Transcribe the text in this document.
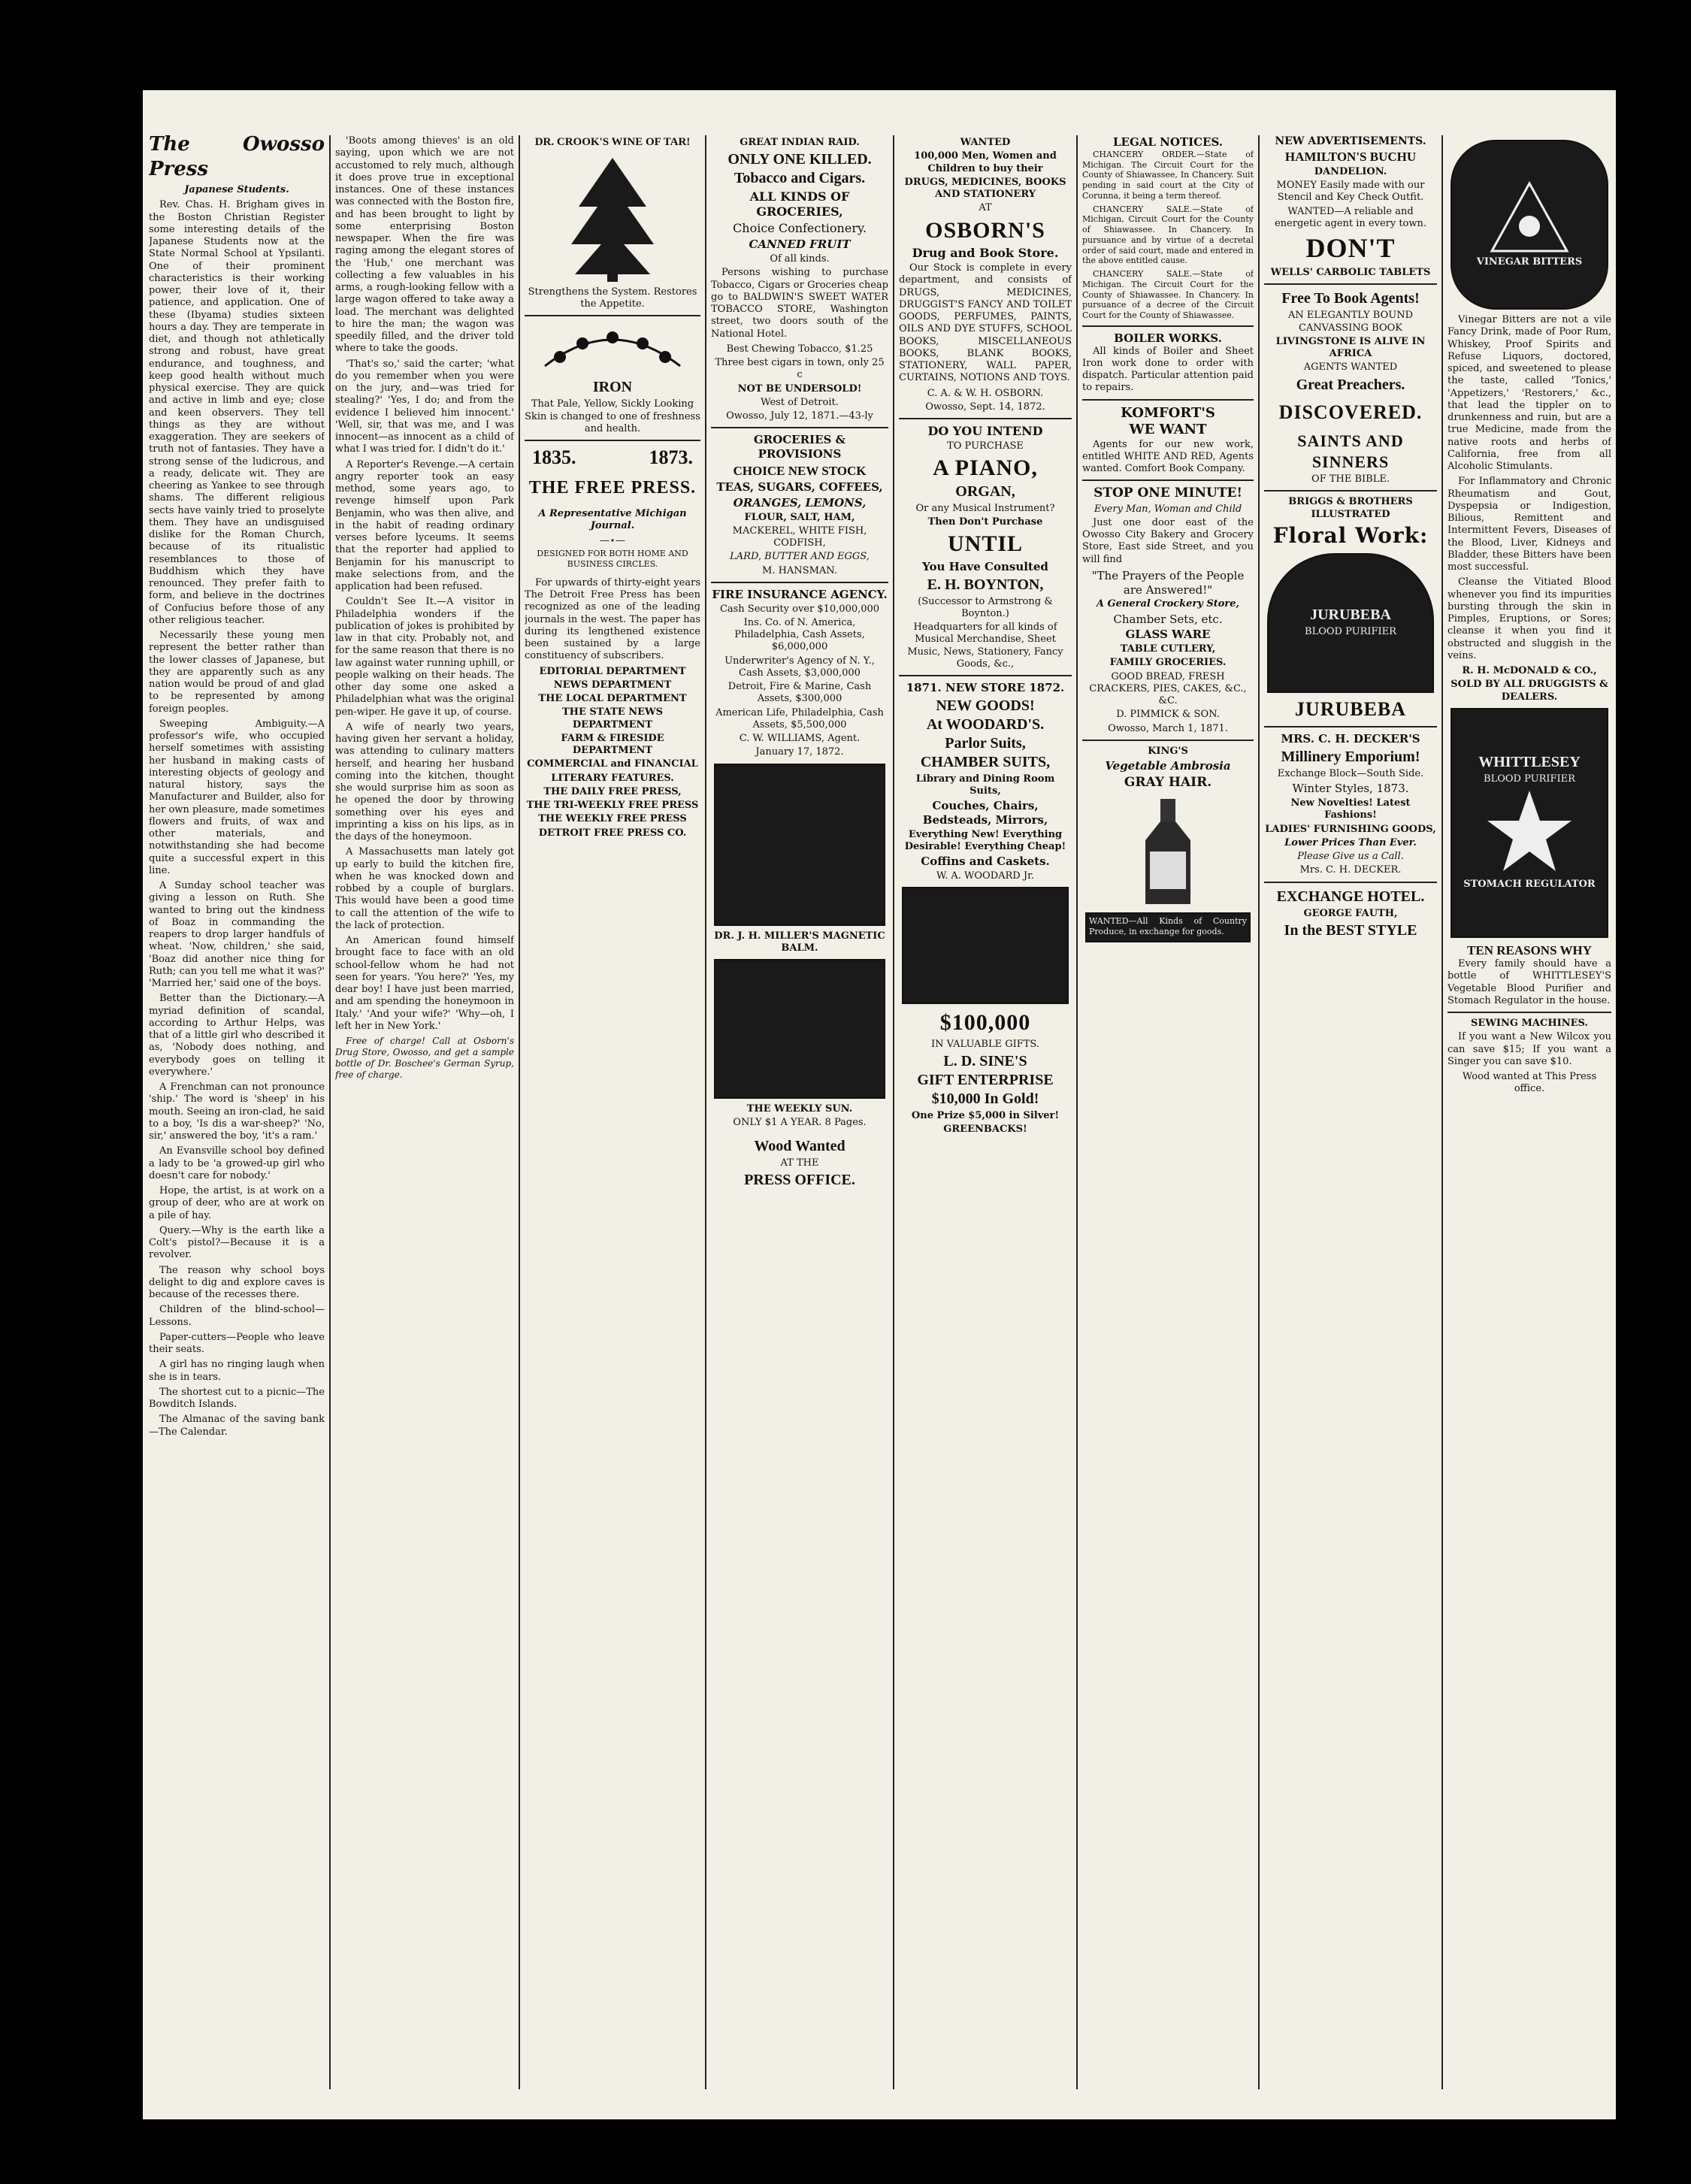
The Owosso Press
Japanese Students.

Rev. Chas. H. Brigham gives in the Boston Christian Register some interesting details of the Japanese Students now at the State Normal School at Ypsilanti. One of their prominent characteristics is their working power, their love of it, their patience, and application. One of these (Ibyama) studies sixteen hours a day. They are temperate in diet, and though not athletically strong and robust, have great endurance, and toughness, and keep good health without much physical exercise. They are quick and active in limb and eye; close and keen observers. They tell things as they are without exaggeration. They are seekers of truth not of fantasies. They have a strong sense of the ludicrous, and a ready, delicate wit. They are cheering as Yankee to see through shams. The different religious sects have vainly tried to proselyte them. They have an undisguised dislike for the Roman Church, because of its ritualistic resemblances to those of Buddhism which they have renounced. They prefer faith to form, and believe in the doctrines of Confucius before those of any other religious teacher.

Necessarily these young men represent the better rather than the lower classes of Japanese, but they are apparently such as any nation would be proud of and glad to be represented by among foreign peoples.

Sweeping Ambiguity.—A professor's wife, who occupied herself sometimes with assisting her husband in making casts of interesting objects of geology and natural history, says the Manufacturer and Builder, also for her own pleasure, made sometimes flowers and fruits, of wax and other materials, and notwithstanding she had become quite a successful expert in this line.

A Sunday school teacher was giving a lesson on Ruth. She wanted to bring out the kindness of Boaz in commanding the reapers to drop larger handfuls of wheat. 'Now, children,' she said, 'Boaz did another nice thing for Ruth; can you tell me what it was?' 'Married her,' said one of the boys.

Better than the Dictionary.—A myriad definition of scandal, according to Arthur Helps, was that of a little girl who described it as, 'Nobody does nothing, and everybody goes on telling it everywhere.'

A Frenchman can not pronounce 'ship.' The word is 'sheep' in his mouth. Seeing an iron-clad, he said to a boy, 'Is dis a war-sheep?' 'No, sir,' answered the boy, 'it's a ram.'

An Evansville school boy defined a lady to be 'a growed-up girl who doesn't care for nobody.'

Hope, the artist, is at work on a group of deer, who are at work on a pile of hay.

Query.—Why is the earth like a Colt's pistol?—Because it is a revolver.

The reason why school boys delight to dig and explore caves is because of the recesses there.

Children of the blind-school—Lessons.

Paper-cutters—People who leave their seats.

A girl has no ringing laugh when she is in tears.

The shortest cut to a picnic—The Bowditch Islands.

The Almanac of the saving bank—The Calendar.

'Boots among thieves' is an old saying, upon which we are not accustomed to rely much, although it does prove true in exceptional instances. One of these instances was connected with the Boston fire, and has been brought to light by some enterprising Boston newspaper. When the fire was raging among the elegant stores of the 'Hub,' one merchant was collecting a few valuables in his arms, a rough-looking fellow with a large wagon offered to take away a load. The merchant was delighted to hire the man; the wagon was speedily filled, and the driver told where to take the goods.

'That's so,' said the carter; 'what do you remember when you were on the jury, and—was tried for stealing?' 'Yes, I do; and from the evidence I believed him innocent.' 'Well, sir, that was me, and I was innocent—as innocent as a child of what I was tried for. I didn't do it.'

A Reporter's Revenge.—A certain angry reporter took an easy method, some years ago, to revenge himself upon Park Benjamin, who was then alive, and in the habit of reading ordinary verses before lyceums. It seems that the reporter had applied to Benjamin for his manuscript to make selections from, and the application had been refused.

Couldn't See It.—A visitor in Philadelphia wonders if the publication of jokes is prohibited by law in that city. Probably not, and for the same reason that there is no law against water running uphill, or people walking on their heads. The other day some one asked a Philadelphian what was the original pen-wiper. He gave it up, of course.

A wife of nearly two years, having given her servant a holiday, was attending to culinary matters herself, and hearing her husband coming into the kitchen, thought she would surprise him as soon as he opened the door by throwing something over his eyes and imprinting a kiss on his lips, as in the days of the honeymoon.

A Massachusetts man lately got up early to build the kitchen fire, when he was knocked down and robbed by a couple of burglars. This would have been a good time to call the attention of the wife to the lack of protection.

An American found himself brought face to face with an old school-fellow whom he had not seen for years. 'You here?' 'Yes, my dear boy! I have just been married, and am spending the honeymoon in Italy.' 'And your wife?' 'Why—oh, I left her in New York.'

Free of charge! Call at Osborn's Drug Store, Owosso, and get a sample bottle of Dr. Boschee's German Syrup, free of charge.

DR. CROOK'S WINE OF TAR!
Strengthens the System. Restores the Appetite.
IRON
That Pale, Yellow, Sickly Looking Skin is changed to one of freshness and health.
1835.	1873.
THE FREE PRESS.
A Representative Michigan Journal.
—⋆—
DESIGNED FOR BOTH HOME AND BUSINESS CIRCLES.

For upwards of thirty-eight years The Detroit Free Press has been recognized as one of the leading journals in the west. The paper has during its lengthened existence been sustained by a large constituency of subscribers.

EDITORIAL DEPARTMENT
NEWS DEPARTMENT
THE LOCAL DEPARTMENT
THE STATE NEWS DEPARTMENT
FARM & FIRESIDE DEPARTMENT
COMMERCIAL and FINANCIAL
LITERARY FEATURES.
THE DAILY FREE PRESS,
THE TRI-WEEKLY FREE PRESS
THE WEEKLY FREE PRESS
DETROIT FREE PRESS CO.
GREAT INDIAN RAID.
ONLY ONE KILLED.
Tobacco and Cigars.
ALL KINDS OF GROCERIES,
Choice Confectionery.
CANNED FRUIT
Of all kinds.

Persons wishing to purchase Tobacco, Cigars or Groceries cheap go to BALDWIN'S SWEET WATER TOBACCO STORE, Washington street, two doors south of the National Hotel.

Best Chewing Tobacco, $1.25
Three best cigars in town, only 25 c
NOT BE UNDERSOLD!
West of Detroit.
Owosso, July 12, 1871.—43-ly
GROCERIES & PROVISIONS
CHOICE NEW STOCK
TEAS, SUGARS, COFFEES,
ORANGES, LEMONS,
FLOUR, SALT, HAM,
MACKEREL, WHITE FISH, CODFISH,
LARD, BUTTER AND EGGS,
M. HANSMAN.
FIRE INSURANCE AGENCY.
Cash Security over $10,000,000
Ins. Co. of N. America, Philadelphia, Cash Assets, $6,000,000
Underwriter's Agency of N. Y., Cash Assets, $3,000,000
Detroit, Fire & Marine, Cash Assets, $300,000
American Life, Philadelphia, Cash Assets, $5,500,000
C. W. WILLIAMS, Agent.
January 17, 1872.
DR. J. H. MILLER'S MAGNETIC BALM.
THE WEEKLY SUN.
ONLY $1 A YEAR. 8 Pages.
Wood Wanted
AT THE
PRESS OFFICE.
WANTED
100,000 Men, Women and Children to buy their
DRUGS, MEDICINES, BOOKS AND STATIONERY
AT
OSBORN'S
Drug and Book Store.

Our Stock is complete in every department, and consists of DRUGS, MEDICINES, DRUGGIST'S FANCY AND TOILET GOODS, PERFUMES, PAINTS, OILS AND DYE STUFFS, SCHOOL BOOKS, MISCELLANEOUS BOOKS, BLANK BOOKS, STATIONERY, WALL PAPER, CURTAINS, NOTIONS AND TOYS.

C. A. & W. H. OSBORN.
Owosso, Sept. 14, 1872.
DO YOU INTEND
TO PURCHASE
A PIANO,
ORGAN,
Or any Musical Instrument?
Then Don't Purchase
UNTIL
You Have Consulted
E. H. BOYNTON,
(Successor to Armstrong & Boynton.)
Headquarters for all kinds of Musical Merchandise, Sheet Music, News, Stationery, Fancy Goods, &c.,
1871. NEW STORE 1872.
NEW GOODS!
At WOODARD'S.
Parlor Suits,
CHAMBER SUITS,
Library and Dining Room Suits,
Couches, Chairs, Bedsteads, Mirrors,
Everything New! Everything Desirable! Everything Cheap!
Coffins and Caskets.
W. A. WOODARD Jr.
$100,000
IN VALUABLE GIFTS.
L. D. SINE'S
GIFT ENTERPRISE
$10,000 In Gold!
One Prize $5,000 in Silver!
GREENBACKS!
LEGAL NOTICES.

CHANCERY ORDER.—State of Michigan. The Circuit Court for the County of Shiawassee, In Chancery. Suit pending in said court at the City of Corunna, it being a term thereof.

CHANCERY SALE.—State of Michigan, Circuit Court for the County of Shiawassee. In Chancery. In pursuance and by virtue of a decretal order of said court, made and entered in the above entitled cause.

CHANCERY SALE.—State of Michigan. The Circuit Court for the County of Shiawassee. In Chancery. In pursuance of a decree of the Circuit Court for the County of Shiawassee.

BOILER WORKS.

All kinds of Boiler and Sheet Iron work done to order with dispatch. Particular attention paid to repairs.

KOMFORT'S
WE WANT

Agents for our new work, entitled WHITE AND RED, Agents wanted. Comfort Book Company.

STOP ONE MINUTE!
Every Man, Woman and Child

Just one door east of the Owosso City Bakery and Grocery Store, East side Street, and you will find

"The Prayers of the People are Answered!"
A General Crockery Store,
Chamber Sets, etc.
GLASS WARE
TABLE CUTLERY,
FAMILY GROCERIES.
GOOD BREAD, FRESH CRACKERS, PIES, CAKES, &C., &C.
D. PIMMICK & SON.
Owosso, March 1, 1871.
KING'S
Vegetable Ambrosia
GRAY HAIR.
WANTED—All Kinds of Country Produce, in exchange for goods.
NEW ADVERTISEMENTS.
HAMILTON'S BUCHU
DANDELION.
MONEY Easily made with our Stencil and Key Check Outfit.
WANTED—A reliable and energetic agent in every town.
DON'T
WELLS' CARBOLIC TABLETS
Free To Book Agents!
AN ELEGANTLY BOUND CANVASSING BOOK
LIVINGSTONE IS ALIVE IN AFRICA
AGENTS WANTED
Great Preachers.
DISCOVERED.
SAINTS AND SINNERS
OF THE BIBLE.
BRIGGS & BROTHERS ILLUSTRATED
Floral Work:
JURUBEBA
BLOOD PURIFIER
JURUBEBA
MRS. C. H. DECKER'S
Millinery Emporium!
Exchange Block—South Side.
Winter Styles, 1873.
New Novelties! Latest Fashions!
LADIES' FURNISHING GOODS,
Lower Prices Than Ever.
Please Give us a Call.
Mrs. C. H. DECKER.
EXCHANGE HOTEL.
GEORGE FAUTH,
In the BEST STYLE
VINEGAR BITTERS

Vinegar Bitters are not a vile Fancy Drink, made of Poor Rum, Whiskey, Proof Spirits and Refuse Liquors, doctored, spiced, and sweetened to please the taste, called 'Tonics,' 'Appetizers,' 'Restorers,' &c., that lead the tippler on to drunkenness and ruin, but are a true Medicine, made from the native roots and herbs of California, free from all Alcoholic Stimulants.

For Inflammatory and Chronic Rheumatism and Gout, Dyspepsia or Indigestion, Bilious, Remittent and Intermittent Fevers, Diseases of the Blood, Liver, Kidneys and Bladder, these Bitters have been most successful.

Cleanse the Vitiated Blood whenever you find its impurities bursting through the skin in Pimples, Eruptions, or Sores; cleanse it when you find it obstructed and sluggish in the veins.

R. H. McDONALD & CO.,
SOLD BY ALL DRUGGISTS & DEALERS.
WHITTLESEY
BLOOD PURIFIER
STOMACH REGULATOR
TEN REASONS WHY

Every family should have a bottle of WHITTLESEY'S Vegetable Blood Purifier and Stomach Regulator in the house.

SEWING MACHINES.

If you want a New Wilcox you can save $15; If you want a Singer you can save $10.

Wood wanted at This Press office.
